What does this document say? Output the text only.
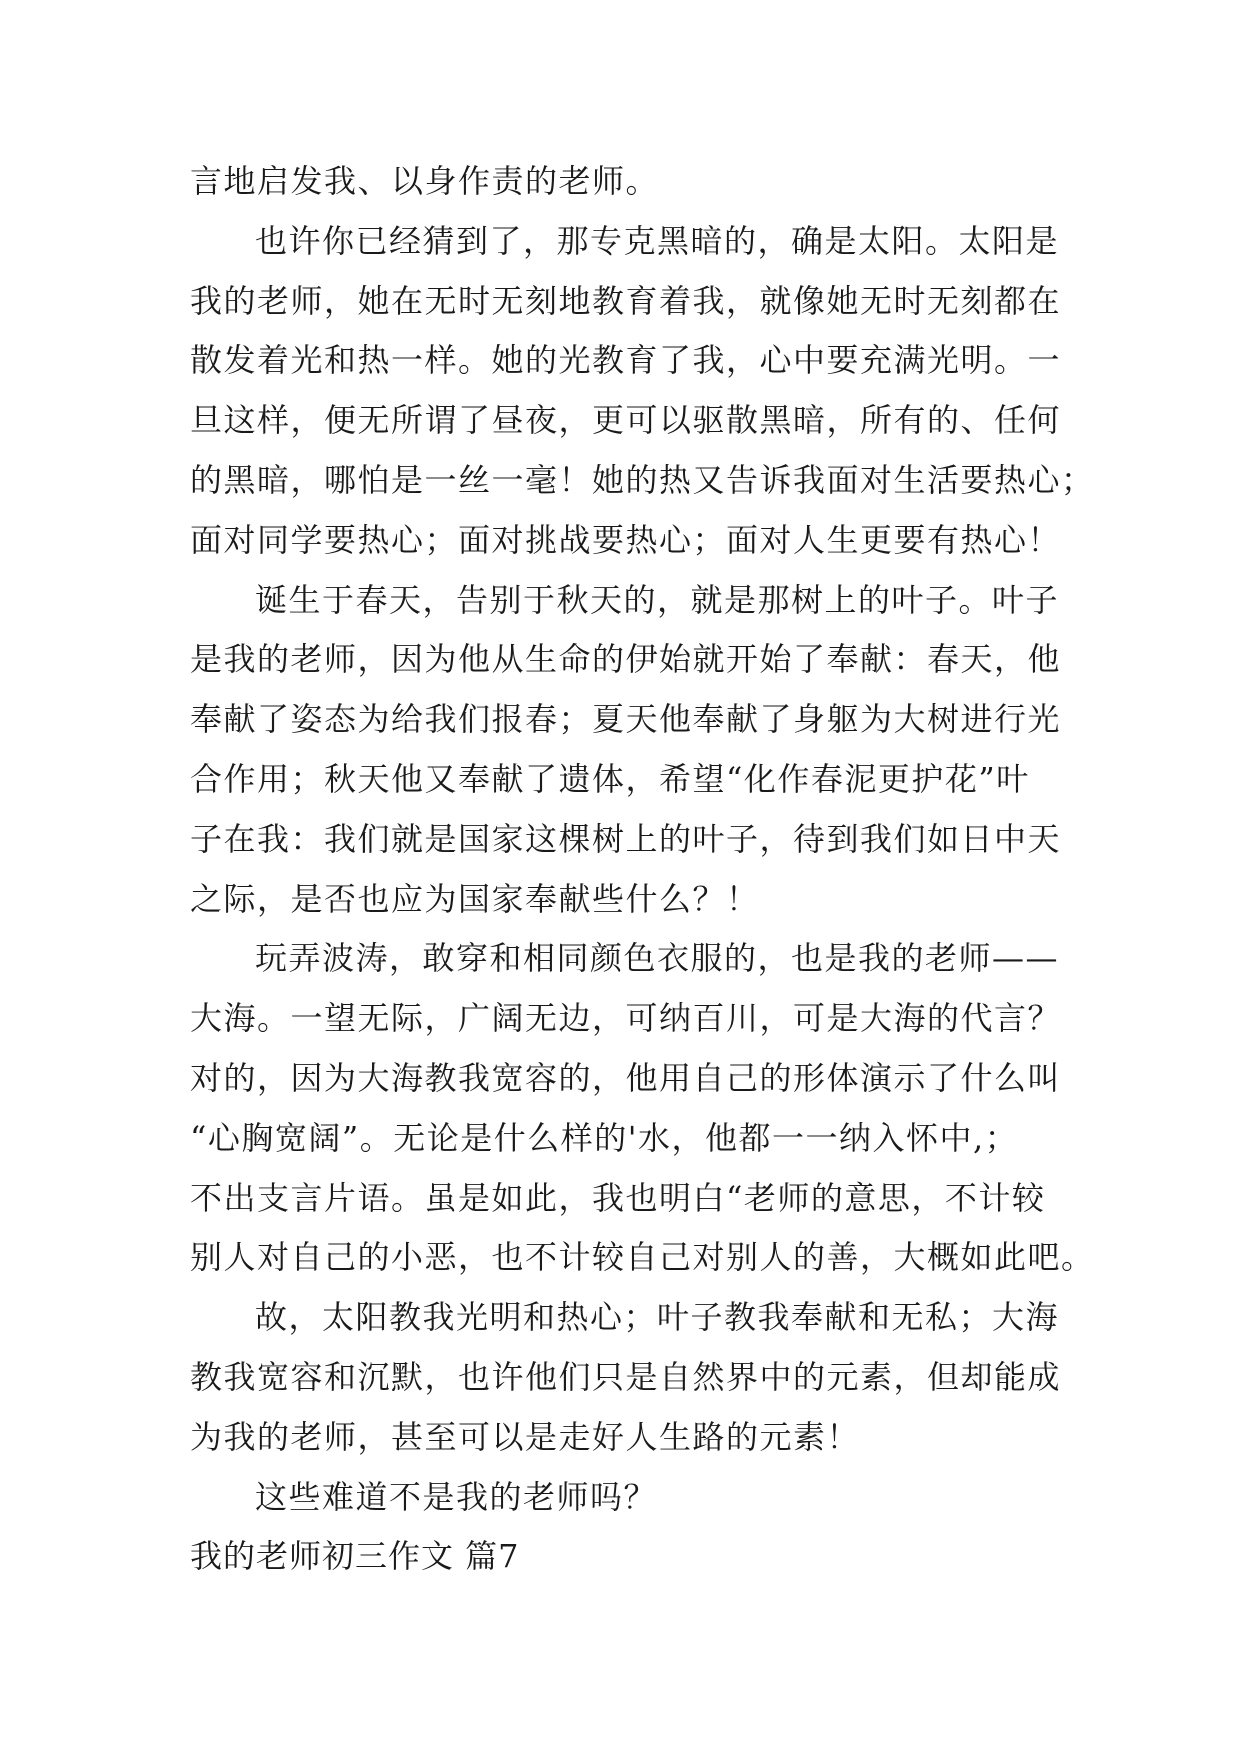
言地启发我、以身作责的老师。
也许你已经猜到了，那专克黑暗的，确是太阳。太阳是
我的老师，她在无时无刻地教育着我，就像她无时无刻都在
散发着光和热一样。她的光教育了我，心中要充满光明。一
旦这样，便无所谓了昼夜，更可以驱散黑暗，所有的、任何
的黑暗，哪怕是一丝一毫！她的热又告诉我面对生活要热心；
面对同学要热心；面对挑战要热心；面对人生更要有热心！
诞生于春天，告别于秋天的，就是那树上的叶子。叶子
是我的老师，因为他从生命的伊始就开始了奉献：春天，他
奉献了姿态为给我们报春；夏天他奉献了身躯为大树进行光
合作用；秋天他又奉献了遗体，希望“化作春泥更护花”叶
子在我：我们就是国家这棵树上的叶子，待到我们如日中天
之际，是否也应为国家奉献些什么？！
玩弄波涛，敢穿和相同颜色衣服的，也是我的老师——
大海。一望无际，广阔无边，可纳百川，可是大海的代言？
对的，因为大海教我宽容的，他用自己的形体演示了什么叫
“心胸宽阔”。无论是什么样的'水，他都一一纳入怀中,；
不出支言片语。虽是如此，我也明白“老师的意思，不计较
别人对自己的小恶，也不计较自己对别人的善，大概如此吧。
故，太阳教我光明和热心；叶子教我奉献和无私；大海
教我宽容和沉默，也许他们只是自然界中的元素，但却能成
为我的老师，甚至可以是走好人生路的元素！
这些难道不是我的老师吗？
我的老师初三作文 篇7
